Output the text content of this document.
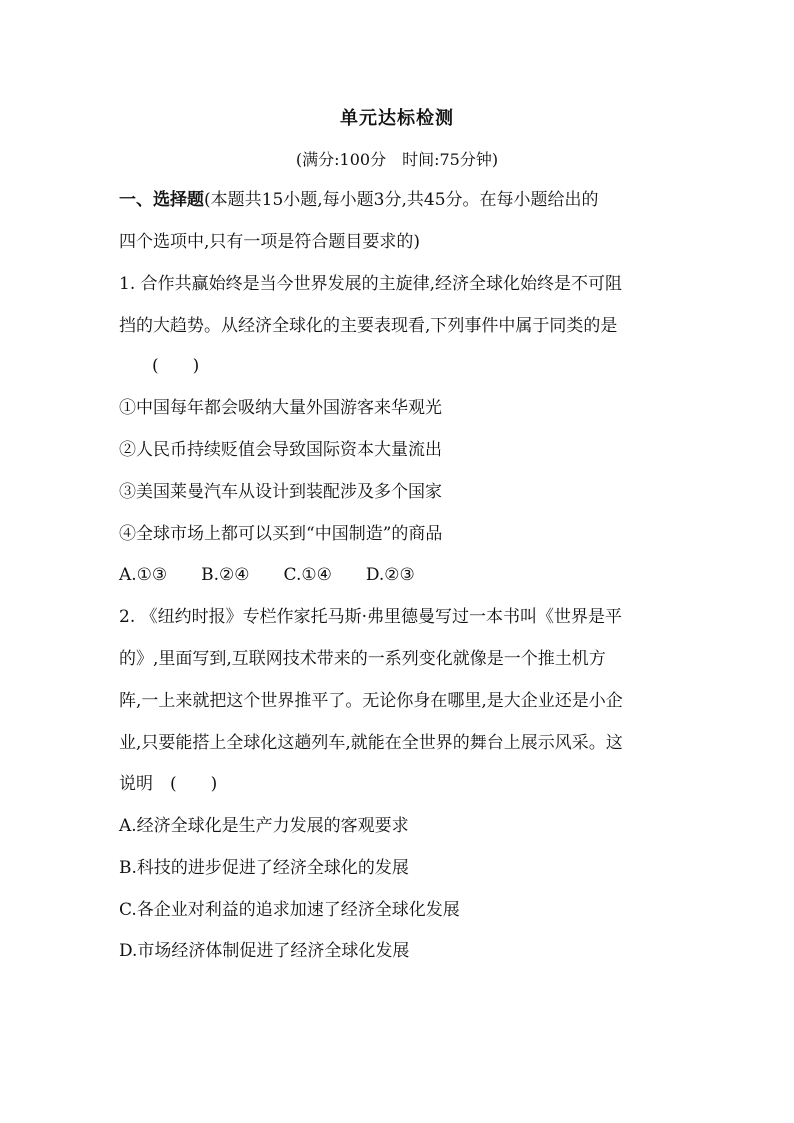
单元达标检测
(满分:100分　时间:75分钟)
一、选择题(本题共15小题,每小题3分,共45分。在每小题给出的
四个选项中,只有一项是符合题目要求的)
1. 合作共赢始终是当今世界发展的主旋律,经济全球化始终是不可阻
挡的大趋势。从经济全球化的主要表现看,下列事件中属于同类的是
(　　)
①中国每年都会吸纳大量外国游客来华观光
②人民币持续贬值会导致国际资本大量流出
③美国莱曼汽车从设计到装配涉及多个国家
④全球市场上都可以买到“中国制造”的商品
A.①③　　B.②④　　C.①④　　D.②③
2. 《纽约时报》专栏作家托马斯·弗里德曼写过一本书叫《世界是平
的》,里面写到,互联网技术带来的一系列变化就像是一个推土机方
阵,一上来就把这个世界推平了。无论你身在哪里,是大企业还是小企
业,只要能搭上全球化这趟列车,就能在全世界的舞台上展示风采。这
说明　(　　)
A.经济全球化是生产力发展的客观要求
B.科技的进步促进了经济全球化的发展
C.各企业对利益的追求加速了经济全球化发展
D.市场经济体制促进了经济全球化发展
